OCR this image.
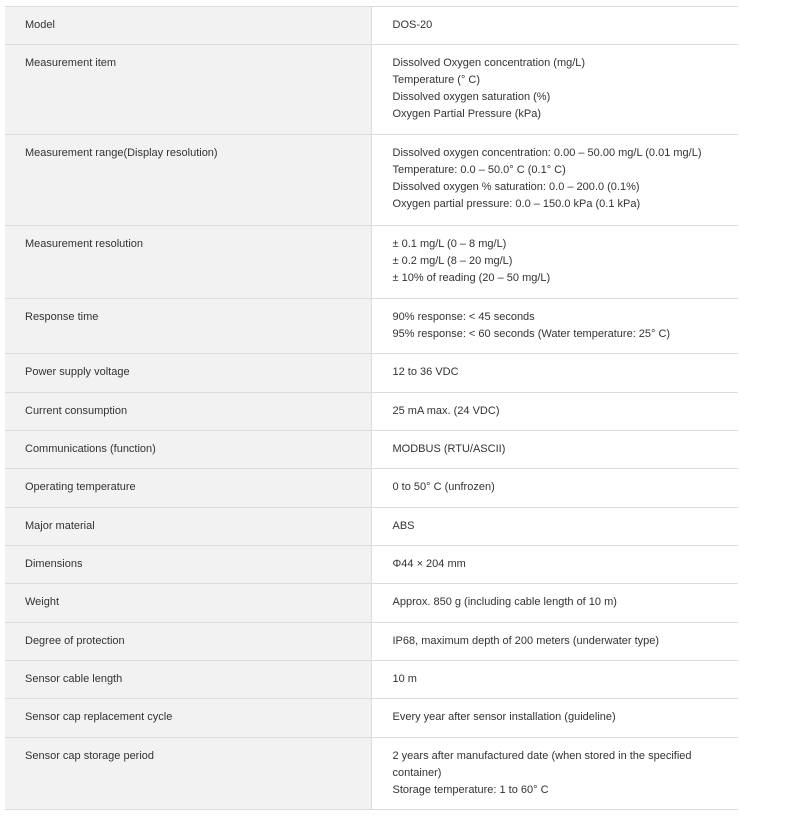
Model	DOS-20

Measurement item	Dissolved Oxygen concentration (mg/L)
Temperature (° C)
Dissolved oxygen saturation (%)
Oxygen Partial Pressure (kPa)

Measurement range(Display resolution)	Dissolved oxygen concentration: 0.00 – 50.00 mg/L (0.01 mg/L)
Temperature: 0.0 – 50.0° C (0.1° C)
Dissolved oxygen % saturation: 0.0 – 200.0 (0.1%)
Oxygen partial pressure: 0.0 – 150.0 kPa (0.1 kPa)

Measurement resolution	± 0.1 mg/L (0 – 8 mg/L)
± 0.2 mg/L (8 – 20 mg/L)
± 10% of reading (20 – 50 mg/L)

Response time	90% response: < 45 seconds
95% response: < 60 seconds (Water temperature: 25° C)

Power supply voltage	12 to 36 VDC

Current consumption	25 mA max. (24 VDC)

Communications (function)	MODBUS (RTU/ASCII)

Operating temperature	0 to 50° C (unfrozen)

Major material	ABS

Dimensions	Φ44 × 204 mm

Weight	Approx. 850 g (including cable length of 10 m)

Degree of protection	IP68, maximum depth of 200 meters (underwater type)

Sensor cable length	10 m

Sensor cap replacement cycle	Every year after sensor installation (guideline)

Sensor cap storage period	2 years after manufactured date (when stored in the specified container)
Storage temperature: 1 to 60° C
